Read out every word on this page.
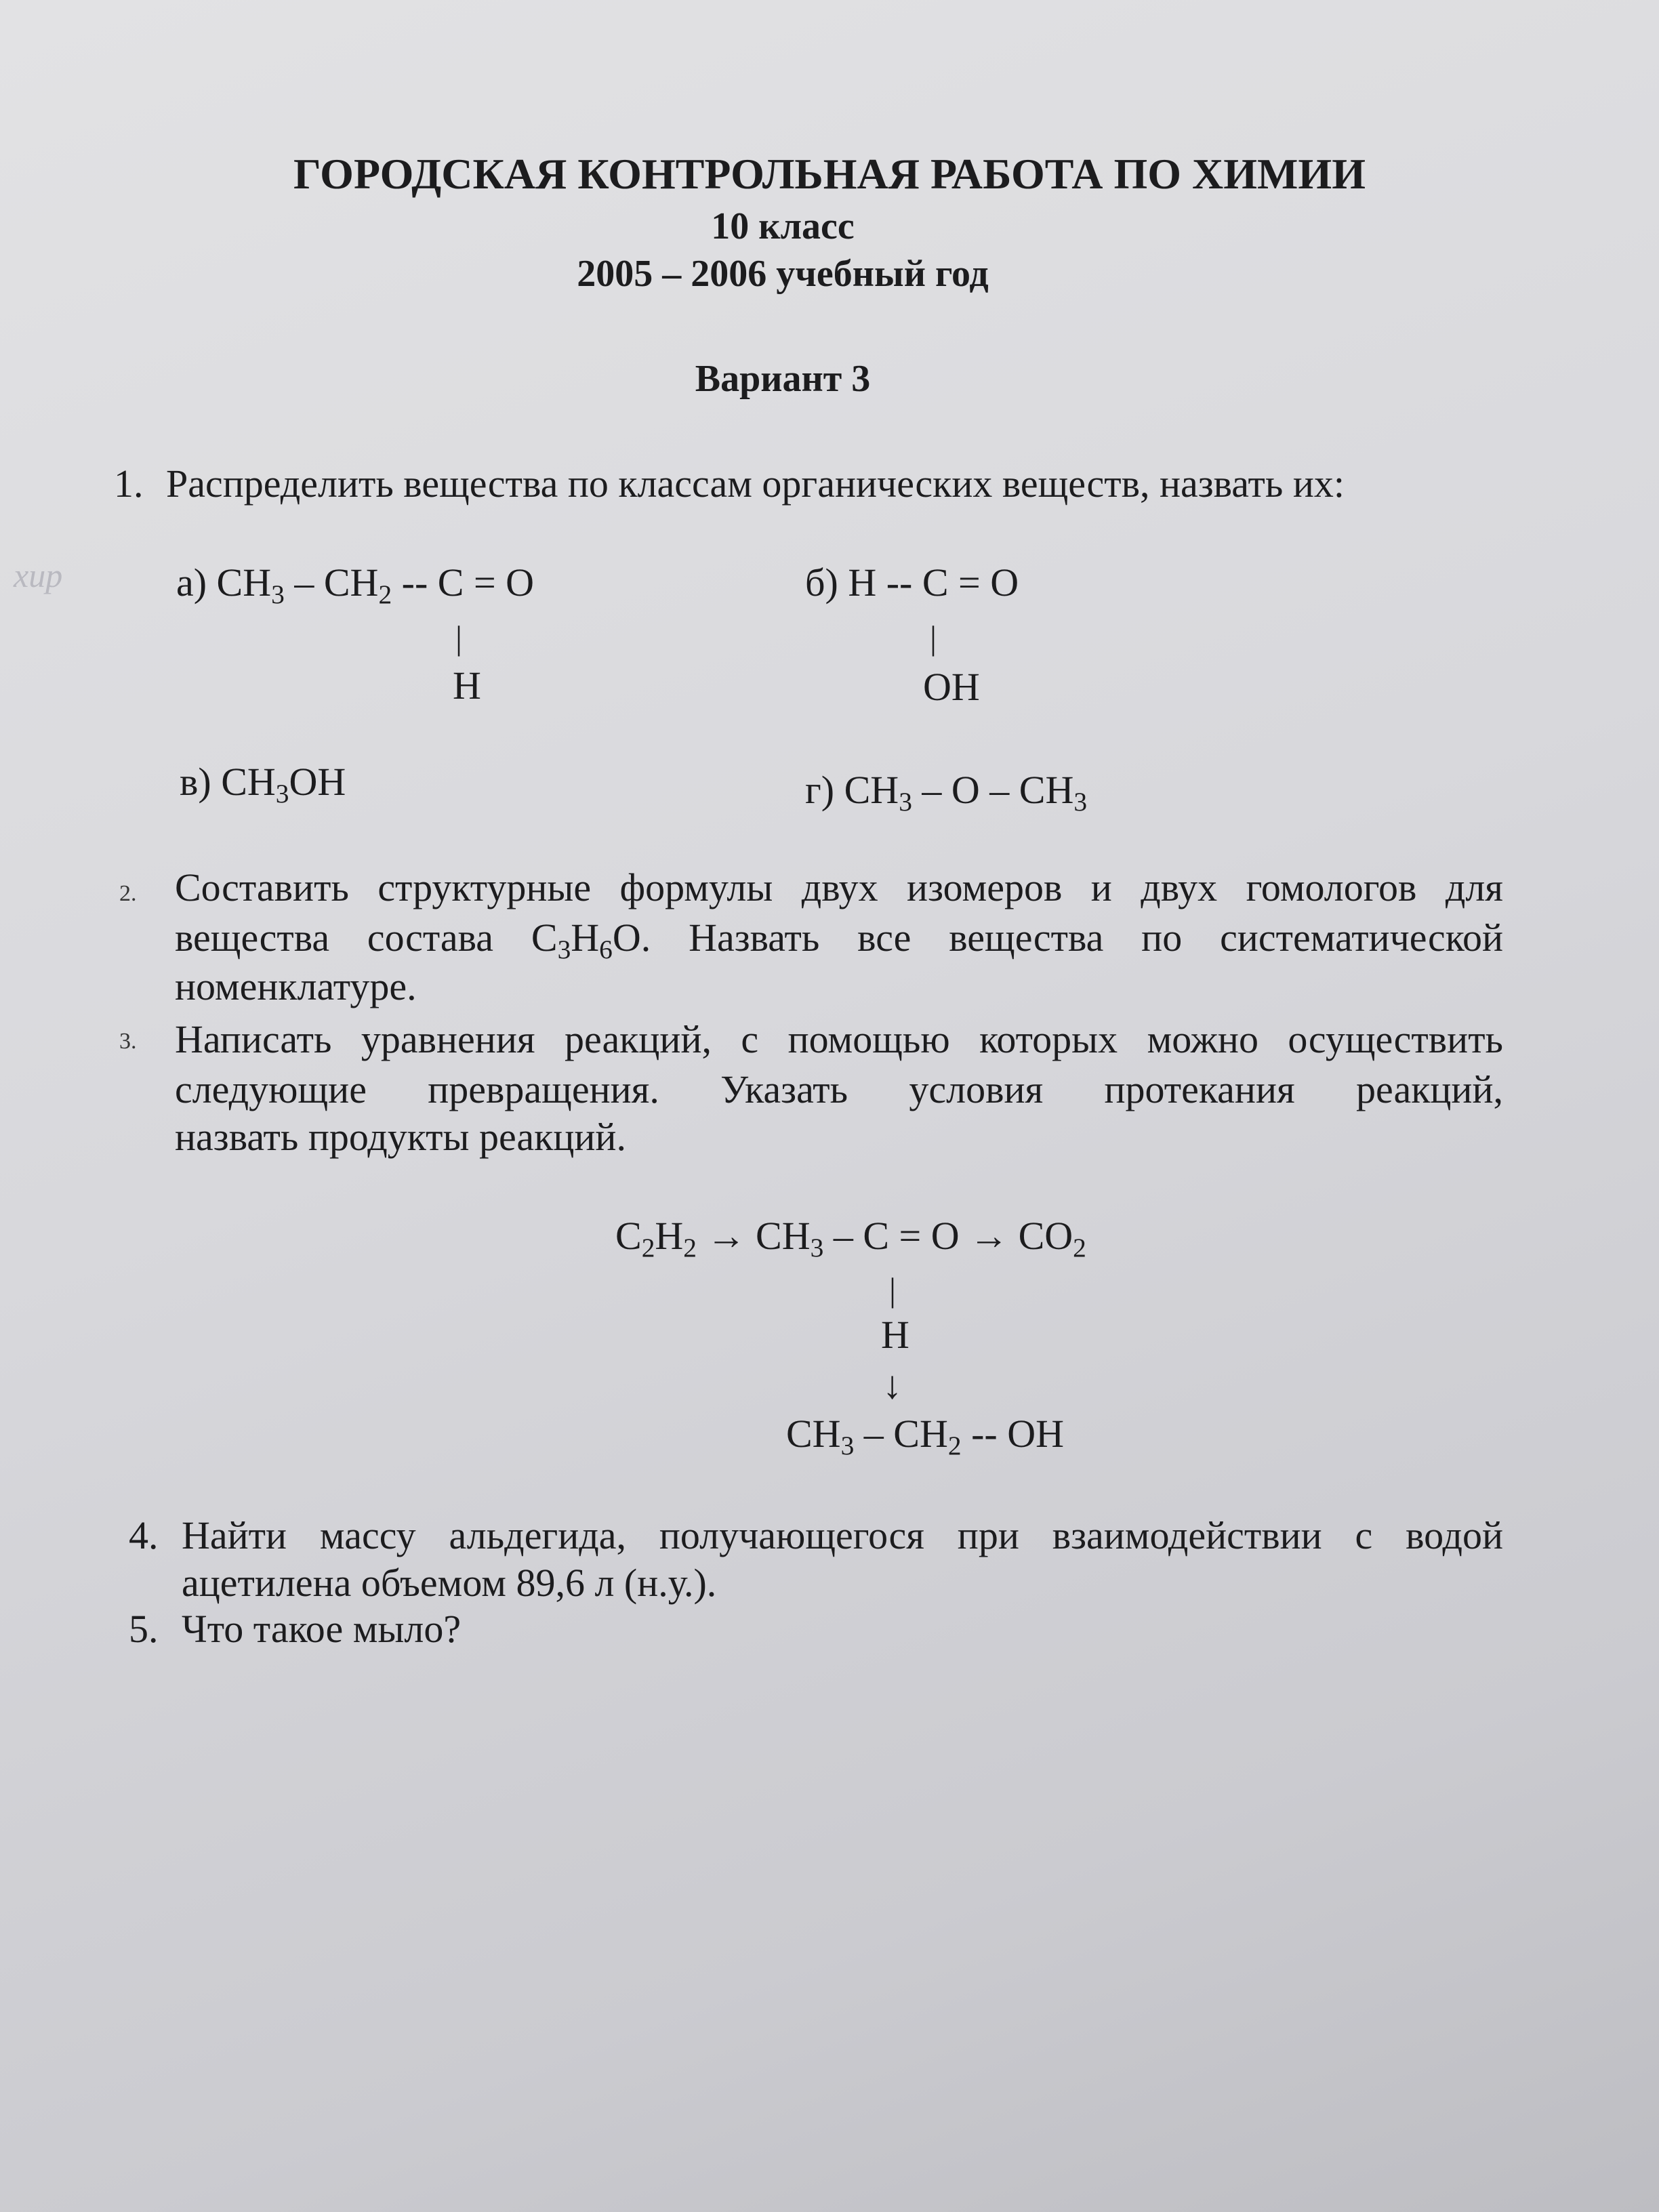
ГОРОДСКАЯ КОНТРОЛЬНАЯ РАБОТА ПО ХИМИИ
10 класс
2005 – 2006 учебный год
Вариант 3
хир
1. Распределить вещества по классам органических веществ, назвать их:
а) $CH_3 - CH_2 -- C = O$
|
H
б) H -- C = O
|
OH
в) $CH_3OH$	г) $CH_3$ – O – $CH_3$
2. Составить структурные формулы двух изомеров и двух гомологов для
вещества состава $C_3H_6O$. Назвать все вещества по систематической
номенклатуре.
3. Написать уравнения реакций, с помощью которых можно осуществить
следующие превращения. Указать условия протекания реакций,
назвать продукты реакций.
$C_2H_2 \to CH_3 - C = O \to CO_2$
|
H
↓
$CH_3 - CH_2$ -- OH
4. Найти массу альдегида, получающегося при взаимодействии с водой
ацетилена объемом 89,6 л (н.у.).
5. Что такое мыло?
